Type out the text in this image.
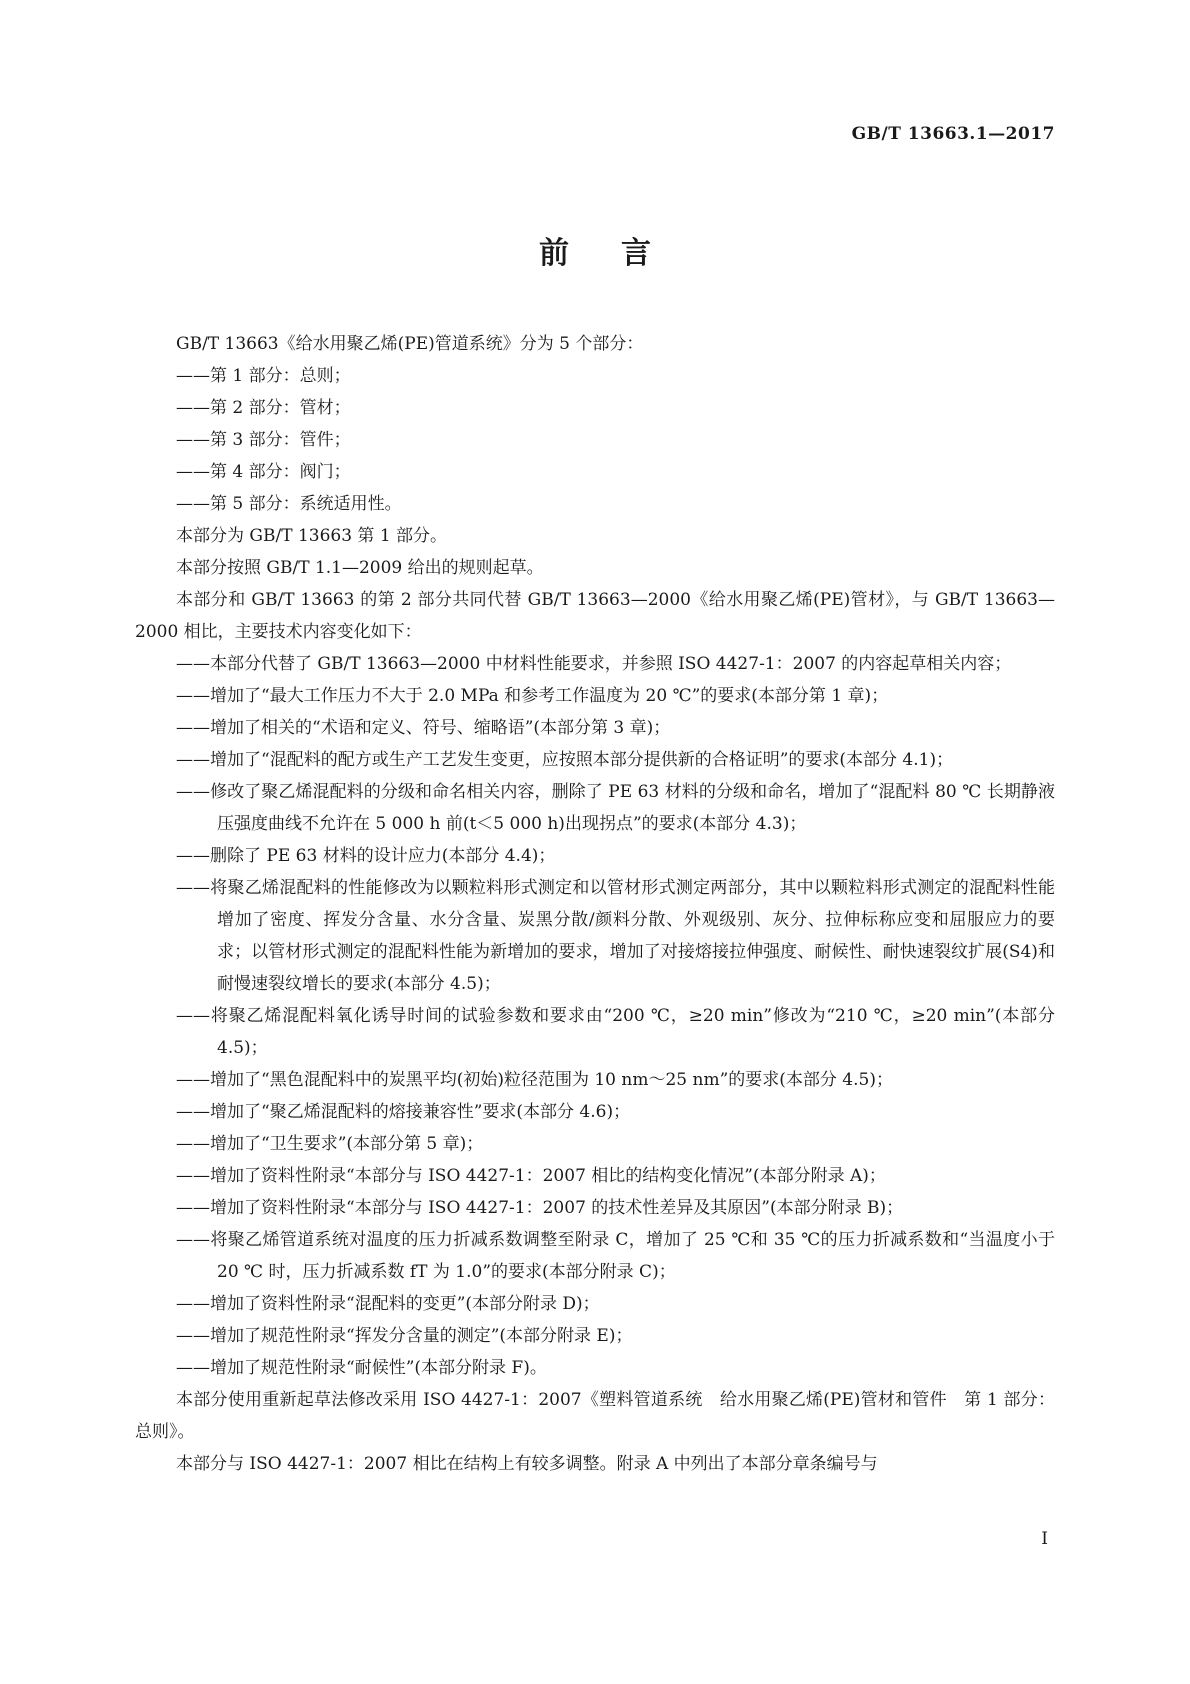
GB/T 13663.1—2017
前言

GB/T 13663《给水用聚乙烯(PE)管道系统》分为 5 个部分：

——第 1 部分：总则；

——第 2 部分：管材；

——第 3 部分：管件；

——第 4 部分：阀门；

——第 5 部分：系统适用性。

本部分为 GB/T 13663 第 1 部分。

本部分按照 GB/T 1.1—2009 给出的规则起草。

本部分和 GB/T 13663 的第 2 部分共同代替 GB/T 13663—2000《给水用聚乙烯(PE)管材》，与 GB/T 13663—2000 相比，主要技术内容变化如下：

——本部分代替了 GB/T 13663—2000 中材料性能要求，并参照 ISO 4427-1：2007 的内容起草相关内容；

——增加了“最大工作压力不大于 2.0 MPa 和参考工作温度为 20 ℃”的要求(本部分第 1 章)；

——增加了相关的“术语和定义、符号、缩略语”(本部分第 3 章)；

——增加了“混配料的配方或生产工艺发生变更，应按照本部分提供新的合格证明”的要求(本部分 4.1)；

——修改了聚乙烯混配料的分级和命名相关内容，删除了 PE 63 材料的分级和命名，增加了“混配料 80 ℃ 长期静液压强度曲线不允许在 5 000 h 前(t＜5 000 h)出现拐点”的要求(本部分 4.3)；

——删除了 PE 63 材料的设计应力(本部分 4.4)；

——将聚乙烯混配料的性能修改为以颗粒料形式测定和以管材形式测定两部分，其中以颗粒料形式测定的混配料性能增加了密度、挥发分含量、水分含量、炭黑分散/颜料分散、外观级别、灰分、拉伸标称应变和屈服应力的要求；以管材形式测定的混配料性能为新增加的要求，增加了对接熔接拉伸强度、耐候性、耐快速裂纹扩展(S4)和耐慢速裂纹增长的要求(本部分 4.5)；

——将聚乙烯混配料氧化诱导时间的试验参数和要求由“200 ℃，≥20 min”修改为“210 ℃，≥20 min”(本部分 4.5)；

——增加了“黑色混配料中的炭黑平均(初始)粒径范围为 10 nm～25 nm”的要求(本部分 4.5)；

——增加了“聚乙烯混配料的熔接兼容性”要求(本部分 4.6)；

——增加了“卫生要求”(本部分第 5 章)；

——增加了资料性附录“本部分与 ISO 4427-1：2007 相比的结构变化情况”(本部分附录 A)；

——增加了资料性附录“本部分与 ISO 4427-1：2007 的技术性差异及其原因”(本部分附录 B)；

——将聚乙烯管道系统对温度的压力折减系数调整至附录 C，增加了 25 ℃和 35 ℃的压力折减系数和“当温度小于 20 ℃ 时，压力折减系数 fT 为 1.0”的要求(本部分附录 C)；

——增加了资料性附录“混配料的变更”(本部分附录 D)；

——增加了规范性附录“挥发分含量的测定”(本部分附录 E)；

——增加了规范性附录“耐候性”(本部分附录 F)。

本部分使用重新起草法修改采用 ISO 4427-1：2007《塑料管道系统　给水用聚乙烯(PE)管材和管件　第 1 部分：总则》。

本部分与 ISO 4427-1：2007 相比在结构上有较多调整。附录 A 中列出了本部分章条编号与

I
